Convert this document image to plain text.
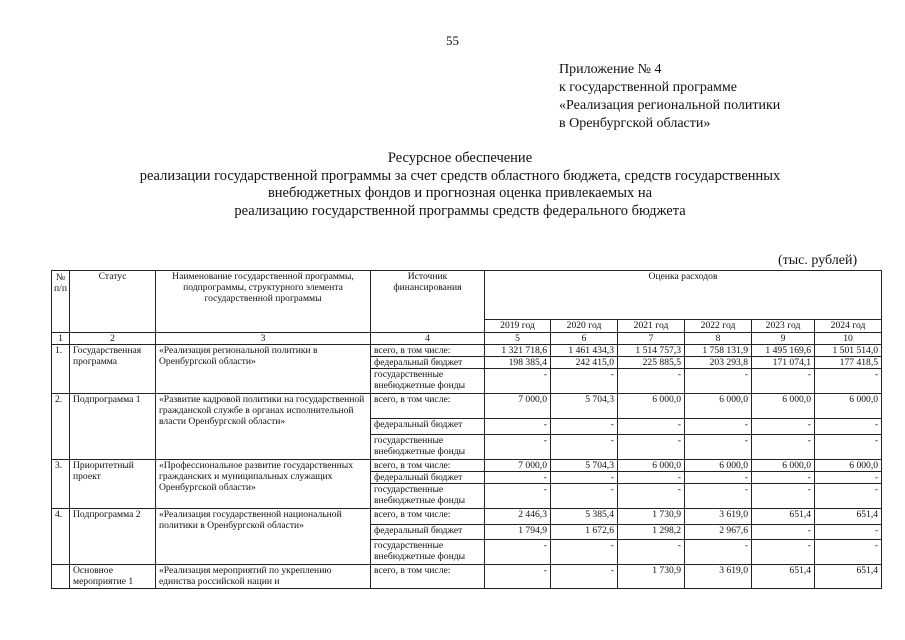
55
Приложение № 4
к государственной программе
«Реализация региональной политики
в Оренбургской области»
Ресурсное обеспечение
реализации государственной программы за счет средств областного бюджета, средств государственных
внебюджетных фондов и прогнозная оценка привлекаемых на
реализацию государственной программы средств федерального бюджета
(тыс. рублей)
№ п/п	Статус	Наименование государственной программы, подпрограммы, структурного элемента государственной программы	Источник финансирования	Оценка расходов					
				2019 год	2020 год	2021 год	2022 год	2023 год	2024 год
1	2	3	4	5	6	7	8	9	10
1.	Государственная программа	«Реализация региональной политики в Оренбургской области»	всего, в том числе:	1 321 718,6	1 461 434,3	1 514 757,3	1 758 131,9	1 495 169,6	1 501 514,0
			федеральный бюджет	198 385,4	242 415,0	225 885,5	203 293,8	171 074,1	177 418,5
			государственные внебюджетные фонды	-	-	-	-	-	-
2.	Подпрограмма 1	«Развитие кадровой политики на государственной гражданской службе в органах исполнительной власти Оренбургской области»	всего, в том числе:	7 000,0	5 704,3	6 000,0	6 000,0	6 000,0	6 000,0
			федеральный бюджет	-	-	-	-	-	-
			государственные внебюджетные фонды	-	-	-	-	-	-
3.	Приоритетный проект	«Профессиональное развитие государственных гражданских и муниципальных служащих Оренбургской области»	всего, в том числе:	7 000,0	5 704,3	6 000,0	6 000,0	6 000,0	6 000,0
			федеральный бюджет	-	-	-	-	-	-
			государственные внебюджетные фонды	-	-	-	-	-	-
4.	Подпрограмма 2	«Реализация государственной национальной политики в Оренбургской области»	всего, в том числе:	2 446,3	5 385,4	1 730,9	3 619,0	651,4	651,4
			федеральный бюджет	1 794,9	1 672,6	1 298,2	2 967,6	-	-
			государственные внебюджетные фонды	-	-	-	-	-	-
	Основное мероприятие 1	«Реализация мероприятий по укреплению единства российской нации и	всего, в том числе:	-	-	1 730,9	3 619,0	651,4	651,4
